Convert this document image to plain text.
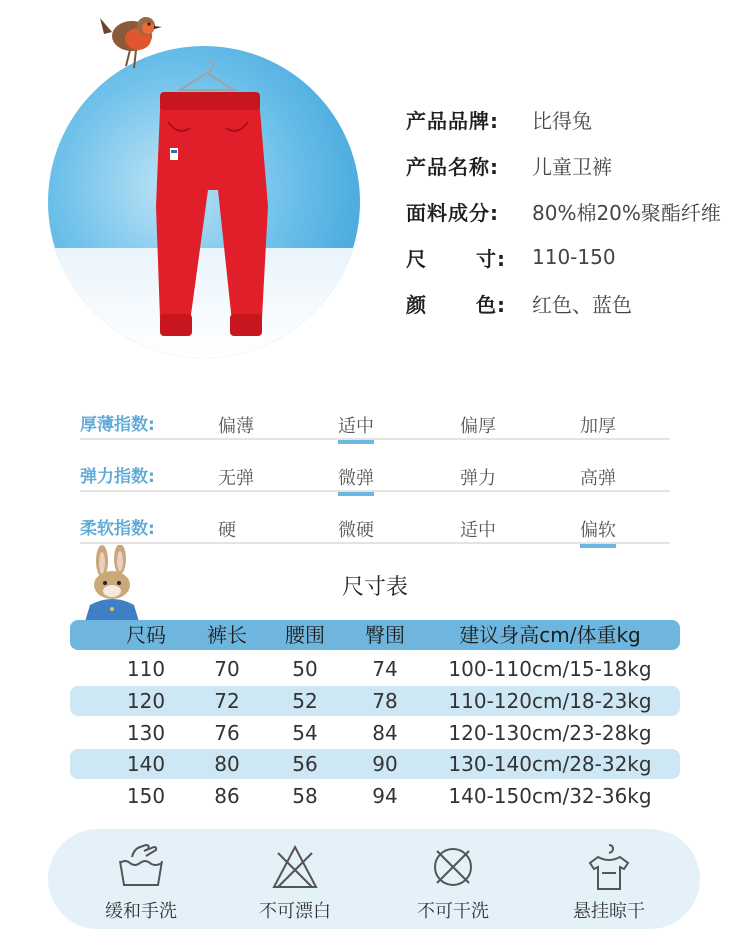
产品品牌:	比得兔
产品名称:	儿童卫裤
面料成分:	80%棉20%聚酯纤维
尺 寸: 110-150
颜 色: 红色、蓝色
厚薄指数:	偏薄	适中	偏厚	加厚
弹力指数:	无弹	微弹	弹力	高弹
柔软指数:	硬	微硬	适中	偏软
尺寸表
尺码	裤长	腰围	臀围	建议身高cm/体重kg
110	70	50	74	100-110cm/15-18kg
120	72	52	78	110-120cm/18-23kg
130	76	54	84	120-130cm/23-28kg
140	80	56	90	130-140cm/28-32kg
150	86	58	94	140-150cm/32-36kg
缓和手洗	不可漂白	不可干洗	悬挂晾干
